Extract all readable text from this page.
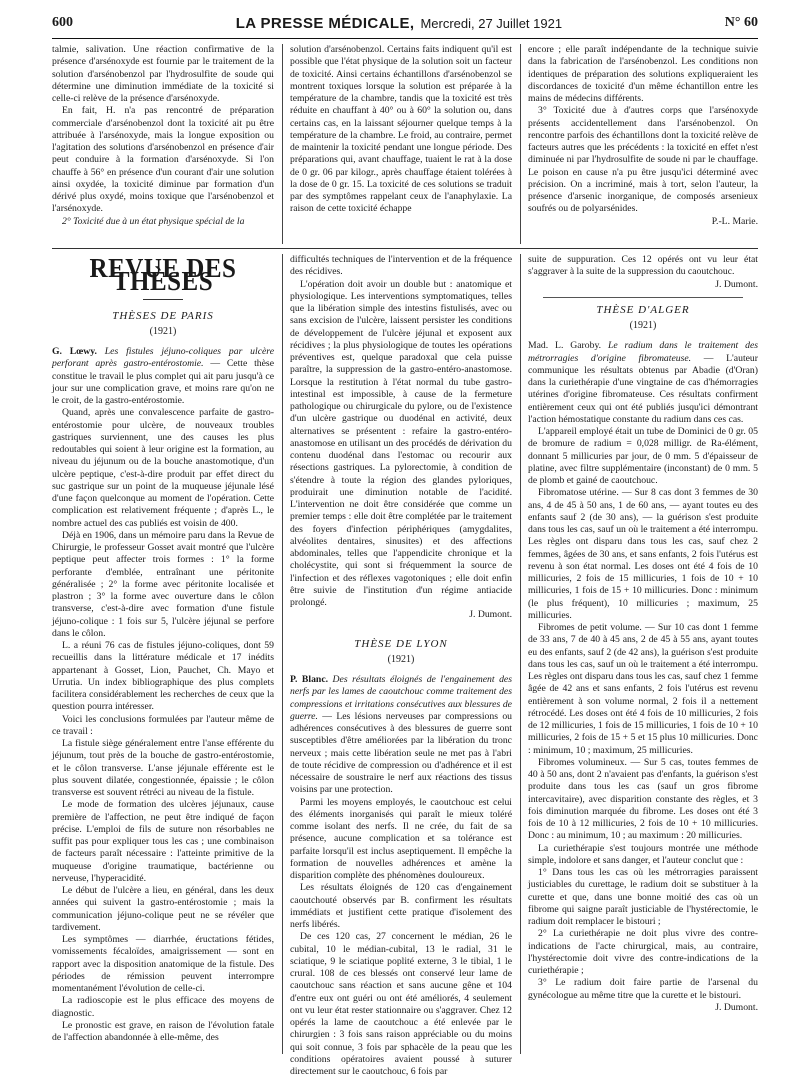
600	LA PRESSE MÉDICALE, Mercredi, 27 Juillet 1921	N° 60

talmie, salivation. Une réaction confirmative de la présence d'arsénoxyde est fournie par le traitement de la solution d'arsénobenzol par l'hydrosulfite de soude qui détermine une diminution immédiate de la toxicité si celle-ci relève de la présence d'arsénoxyde.

En fait, H. n'a pas rencontré de préparation commerciale d'arsénobenzol dont la toxicité ait pu être attribuée à l'arsénoxyde, mais la longue exposition ou l'agitation des solutions d'arsénobenzol en présence d'air peut conduire à la formation d'arsénoxyde. Si l'on chauffe à 56° en présence d'un courant d'air une solution ainsi oxydée, la toxicité diminue par formation d'un dérivé plus oxydé, moins toxique que l'arsénobenzol et l'arsénoxyde.

2° Toxicité due à un état physique spécial de la

solution d'arsénobenzol. Certains faits indiquent qu'il est possible que l'état physique de la solution soit un facteur de toxicité. Ainsi certains échantillons d'arsénobenzol se montrent toxiques lorsque la solution est préparée à la température de la chambre, tandis que la toxicité est très réduite en chauffant à 40° ou à 60° la solution ou, dans certains cas, en la laissant séjourner quelque temps à la température de la chambre. Le froid, au contraire, permet de maintenir la toxicité pendant une longue période. Des préparations qui, avant chauffage, tuaient le rat à la dose de 0 gr. 06 par kilogr., après chauffage étaient tolérées à la dose de 0 gr. 15. La toxicité de ces solutions se traduit par des symptômes rappelant ceux de l'anaphylaxie. La raison de cette toxicité échappe

encore ; elle paraît indépendante de la technique suivie dans la fabrication de l'arsénobenzol. Les conditions non identiques de préparation des solutions expliqueraient les discordances de toxicité d'un même échantillon entre les mains de médecins différents.

3° Toxicité due à d'autres corps que l'arsénoxyde présents accidentellement dans l'arsénobenzol. On rencontre parfois des échantillons dont la toxicité relève de facteurs autres que les précédents : la toxicité en effet n'est diminuée ni par l'hydrosulfite de soude ni par le chauffage. Le poison en cause n'a pu être jusqu'ici déterminé avec précision. On a incriminé, mais à tort, selon l'auteur, la présence d'arsenic inorganique, de composés arsenieux soufrés ou de polyarsénides.

P.-L. Marie.

REVUE DES THÈSES
THÈSES DE PARIS
(1921)

G. Lœwy. Les fistules jéjuno-coliques par ulcère perforant après gastro-entérostomie. — Cette thèse constitue le travail le plus complet qui ait paru jusqu'à ce jour sur une complication grave, et moins rare qu'on ne le croit, de la gastro-entérostomie.

Quand, après une convalescence parfaite de gastro-entérostomie pour ulcère, de nouveaux troubles gastriques surviennent, une des causes les plus redoutables qui soient à leur origine est la formation, au niveau du jéjunum ou de la bouche anastomotique, d'un ulcère peptique, c'est-à-dire produit par effet direct du suc gastrique sur un point de la muqueuse jéjunale lésé d'une façon quelconque au moment de l'opération. Cette complication est relativement fréquente ; d'après L., le nombre actuel des cas publiés est voisin de 400.

Déjà en 1906, dans un mémoire paru dans la Revue de Chirurgie, le professeur Gosset avait montré que l'ulcère peptique peut affecter trois formes : 1° la forme perforante d'emblée, entraînant une péritonite généralisée ; 2° la forme avec péritonite localisée et plastron ; 3° la forme avec ouverture dans le côlon transverse, c'est-à-dire avec formation d'une fistule jéjuno-colique : 1 fois sur 5, l'ulcère jéjunal se perfore dans le côlon.

L. a réuni 76 cas de fistules jéjuno-coliques, dont 59 recueillis dans la littérature médicale et 17 inédits appartenant à Gosset, Lion, Pauchet, Ch. Mayo et Urrutia. Un index bibliographique des plus complets facilitera considérablement les recherches de ceux que la question pourra intéresser.

Voici les conclusions formulées par l'auteur même de ce travail :

La fistule siège généralement entre l'anse efférente du jéjunum, tout près de la bouche de gastro-entérostomie, et le côlon transverse. L'anse jéjunale efférente est le plus souvent dilatée, congestionnée, épaissie ; le côlon transverse est souvent rétréci au niveau de la fistule.

Le mode de formation des ulcères jéjunaux, cause première de l'affection, ne peut être indiqué de façon précise. L'emploi de fils de suture non résorbables ne suffit pas pour expliquer tous les cas ; une combinaison de facteurs paraît nécessaire : l'atteinte primitive de la muqueuse d'origine traumatique, bactérienne ou nerveuse, l'hyperacidité.

Le début de l'ulcère a lieu, en général, dans les deux années qui suivent la gastro-entérostomie ; mais la communication jéjuno-colique peut ne se révéler que tardivement.

Les symptômes — diarrhée, éructations fétides, vomissements fécaloïdes, amaigrissement — sont en rapport avec la disposition anatomique de la fistule. Des périodes de rémission peuvent interrompre momentanément l'évolution de celle-ci.

La radioscopie est le plus efficace des moyens de diagnostic.

Le pronostic est grave, en raison de l'évolution fatale de l'affection abandonnée à elle-même, des

difficultés techniques de l'intervention et de la fréquence des récidives.

L'opération doit avoir un double but : anatomique et physiologique. Les interventions symptomatiques, telles que la libération simple des intestins fistulisés, avec ou sans excision de l'ulcère, laissent persister les conditions de développement de l'ulcère jéjunal et exposent aux récidives ; la plus physiologique de toutes les opérations préventives est, quelque paradoxal que cela puisse paraître, la suppression de la gastro-entéro-anastomose. Lorsque la restitution à l'état normal du tube gastro-intestinal est impossible, à cause de la fermeture pathologique ou chirurgicale du pylore, ou de l'existence d'un ulcère gastrique ou duodénal en activité, deux alternatives se présentent : refaire la gastro-entéro-anastomose en utilisant un des procédés de dérivation du contenu duodénal dans l'estomac ou recourir aux résections gastriques. La pylorectomie, à condition de s'étendre à toute la région des glandes pyloriques, produirait une diminution notable de l'acidité. L'intervention ne doit être considérée que comme un premier temps : elle doit être complétée par le traitement des foyers d'infection périphériques (amygdalites, alvéolites dentaires, sinusites) et des affections abdominales, telles que l'appendicite chronique et la cholécystite, qui sont si fréquemment la source de l'infection et des réflexes vagotoniques ; elle doit enfin être suivie de l'institution d'un régime antiacide prolongé.

J. Dumont.

THÈSE DE LYON
(1921)

P. Blanc. Des résultats éloignés de l'engainement des nerfs par les lames de caoutchouc comme traitement des compressions et irritations consécutives aux blessures de guerre. — Les lésions nerveuses par compressions ou adhérences consécutives à des blessures de guerre sont susceptibles d'être améliorées par la libération du tronc nerveux ; mais cette libération seule ne met pas à l'abri de toute récidive de compression ou d'adhérence et il est nécessaire de soustraire le nerf aux réactions des tissus voisins par une protection.

Parmi les moyens employés, le caoutchouc est celui des éléments inorganisés qui paraît le mieux toléré comme isolant des nerfs. Il ne crée, du fait de sa présence, aucune complication et sa tolérance est parfaite lorsqu'il est inclus aseptiquement. Il empêche la formation de nouvelles adhérences et amène la disparition complète des phénomènes douloureux.

Les résultats éloignés de 120 cas d'engainement caoutchouté observés par B. confirment les résultats immédiats et justifient cette pratique d'isolement des nerfs libérés.

De ces 120 cas, 27 concernent le médian, 26 le cubital, 10 le médian-cubital, 13 le radial, 31 le sciatique, 9 le sciatique poplité externe, 3 le tibial, 1 le crural. 108 de ces blessés ont conservé leur lame de caoutchouc sans réaction et sans aucune gêne et 104 d'entre eux ont guéri ou ont été améliorés, 4 seulement ont vu leur état rester stationnaire ou s'aggraver. Chez 12 opérés la lame de caoutchouc a été enlevée par le chirurgien : 3 fois sans raison appréciable ou du moins qui soit connue, 3 fois par sphacèle de la peau que les conditions opératoires avaient poussé à suturer directement sur le caoutchouc, 6 fois par

suite de suppuration. Ces 12 opérés ont vu leur état s'aggraver à la suite de la suppression du caoutchouc.

J. Dumont.

THÈSE D'ALGER
(1921)

Mad. L. Garoby. Le radium dans le traitement des métrorragies d'origine fibromateuse. — L'auteur communique les résultats obtenus par Abadie (d'Oran) dans la curiethérapie d'une vingtaine de cas d'hémorragies utérines d'origine fibromateuse. Ces résultats confirment entièrement ceux qui ont été publiés jusqu'ici démontrant l'action hémostatique constante du radium dans ces cas.

L'appareil employé était un tube de Dominici de 0 gr. 05 de bromure de radium = 0,028 milligr. de Ra-élément, donnant 5 millicuries par jour, de 0 mm. 5 d'épaisseur de platine, avec filtre supplémentaire (inconstant) de 0 mm. 5 de plomb et gainé de caoutchouc.

Fibromatose utérine. — Sur 8 cas dont 3 femmes de 30 ans, 4 de 45 à 50 ans, 1 de 60 ans, — ayant toutes eu des enfants sauf 2 (de 30 ans), — la guérison s'est produite dans tous les cas, sauf un où le traitement a été interrompu. Les règles ont disparu dans tous les cas, sauf chez 2 femmes, âgées de 30 ans, et sans enfants, 2 fois l'utérus est revenu à son état normal. Les doses ont été 4 fois de 10 millicuries, 2 fois de 15 millicuries, 1 fois de 10 + 10 millicuries, 1 fois de 15 + 10 millicuries. Donc : minimum (le plus fréquent), 10 millicuries ; maximum, 25 millicuries.

Fibromes de petit volume. — Sur 10 cas dont 1 femme de 33 ans, 7 de 40 à 45 ans, 2 de 45 à 55 ans, ayant toutes eu des enfants, sauf 2 (de 42 ans), la guérison s'est produite dans tous les cas, sauf un où le traitement a été interrompu. Les règles ont disparu dans tous les cas, sauf chez 1 femme âgée de 42 ans et sans enfants, 2 fois l'utérus est revenu entièrement à son volume normal, 2 fois il a nettement rétrocédé. Les doses ont été 4 fois de 10 millicuries, 2 fois de 12 millicuries, 1 fois de 15 millicuries, 1 fois de 10 + 10 millicuries, 2 fois de 15 + 5 et 15 plus 10 millicuries. Donc : minimum, 10 ; maximum, 25 millicuries.

Fibromes volumineux. — Sur 5 cas, toutes femmes de 40 à 50 ans, dont 2 n'avaient pas d'enfants, la guérison s'est produite dans tous les cas (sauf un gros fibrome intercavitaire), avec disparition constante des règles, et 3 fois diminution marquée du fibrome. Les doses ont été 3 fois de 10 à 12 millicuries, 2 fois de 10 + 10 millicuries. Donc : au minimum, 10 ; au maximum : 20 millicuries.

La curiethérapie s'est toujours montrée une méthode simple, indolore et sans danger, et l'auteur conclut que :

1° Dans tous les cas où les métrorragies paraissent justiciables du curettage, le radium doit se substituer à la curette et que, dans une bonne moitié des cas où un fibrome qui saigne paraît justiciable de l'hystérectomie, le radium doit remplacer le bistouri ;

2° La curiethérapie ne doit plus vivre des contre-indications de l'acte chirurgical, mais, au contraire, l'hystérectomie doit vivre des contre-indications de la curiethérapie ;

3° Le radium doit faire partie de l'arsenal du gynécologue au même titre que la curette et le bistouri.

J. Dumont.
